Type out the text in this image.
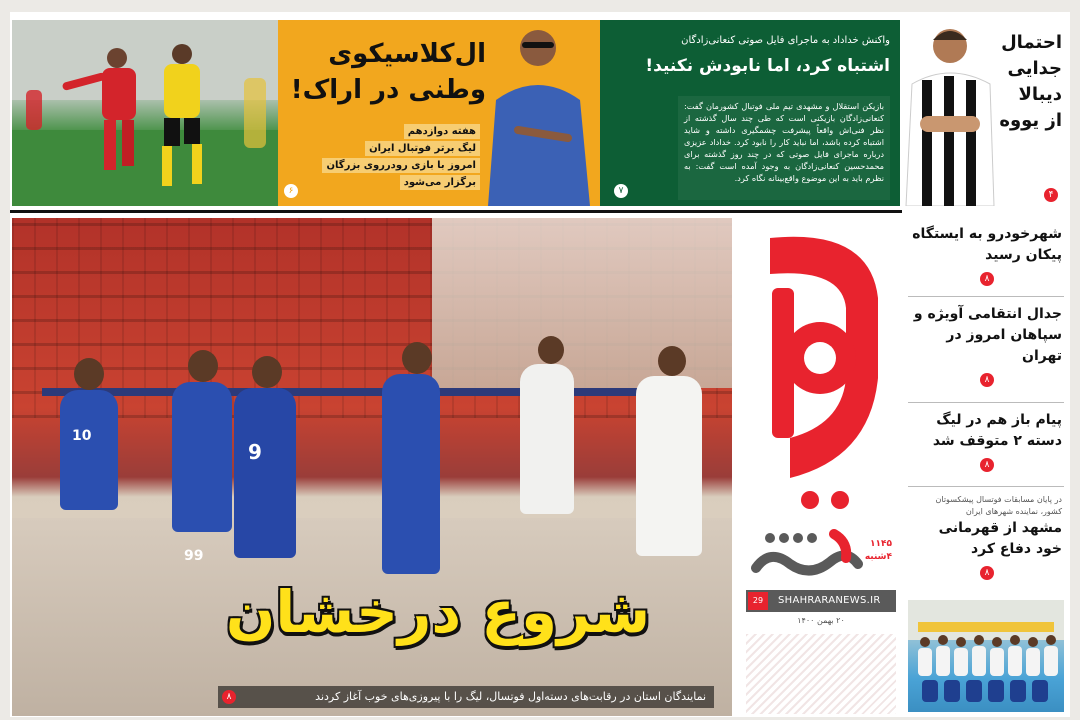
ال‌کلاسیکوی وطنی در اراک!
هفته دوازدهم
لیگ برتر فوتبال ایران
امروز با بازی رودرروی بزرگان
برگزار می‌شود
۶
واکنش خداداد به ماجرای فایل صوتی کنعانی‌زادگان
اشتباه کرد، اما نابودش نکنید!
بازیکن استقلال و مشهدی تیم ملی فوتبال کشورمان گفت: کنعانی‌زادگان بازیکنی است که طی چند سال گذشته از نظر فنی‌اش واقعاً پیشرفت چشمگیری داشته و شاید اشتباه کرده باشد، اما نباید کار را نابود کرد. خداداد عزیزی درباره ماجرای فایل صوتی که در چند روز گذشته برای محمدحسین کنعانی‌زادگان به وجود آمده است گفت: به نظرم باید به این موضوع واقع‌بینانه نگاه کرد.
۷
احتمال جدایی دیبالا از یووه
۴
10
99
9
شروع درخشان
نمایندگان استان در رقابت‌های دسته‌اول فوتسال، لیگ را با پیروزی‌های خوب آغاز کردند
۸
۱۱۴۵
۴شنبه
SHAHRARANEWS.IR
29
۲۰ بهمن ۱۴۰۰
شهرخودرو به ایستگاه پیکان رسید
۸
جدال انتقامی آویژه و سپاهان امروز در تهران
۸
پیام باز هم در لیگ دسته ۲ متوقف شد
۸
در پایان مسابقات فوتسال پیشکسوتان کشور، نماینده شهرهای ایران
مشهد از قهرمانی خود دفاع کرد
۸
